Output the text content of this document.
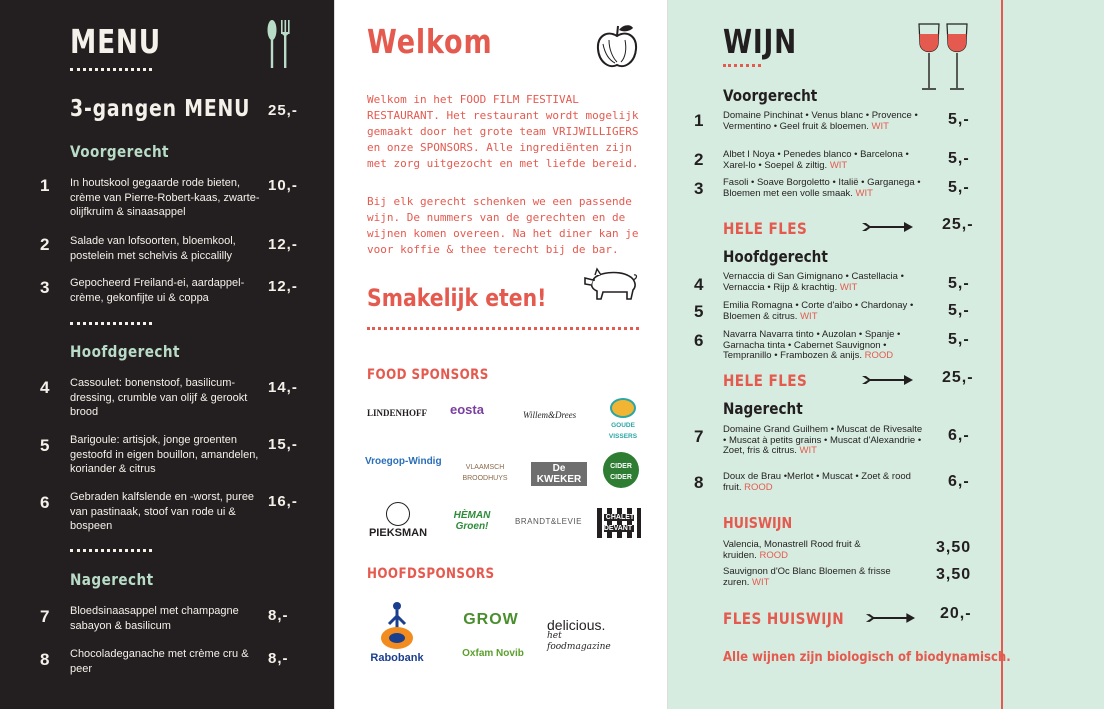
MENU
3-gangen MENU 25,-
Voorgerecht
1 In houtskool gegaarde rode bieten, crème van Pierre-Robert-kaas, zwarte-olijfkruim & sinaasappel
10,-
2 Salade van lofsoorten, bloemkool, postelein met schelvis & piccalilly
12,-
3 Gepocheerd Freiland-ei, aardappel-crème, gekonfijte ui & coppa
12,-
Hoofdgerecht
4 Cassoulet: bonenstoof, basilicum-dressing, crumble van olijf & gerookt brood
14,-
5 Barigoule: artisjok, jonge groenten gestoofd in eigen bouillon, amandelen, koriander & citrus
15,-
6 Gebraden kalfslende en -worst, puree van pastinaak, stoof van rode ui & bospeen
16,-
Nagerecht
7 Bloedsinaasappel met champagne sabayon & basilicum
8,-
8 Chocoladeganache met crème cru & peer
8,-
Welkom
Welkom in het FOOD FILM FESTIVAL RESTAURANT. Het restaurant wordt mogelijk gemaakt door het grote team VRIJWILLIGERS en onze SPONSORS. Alle ingrediënten zijn met zorg uitgezocht en met liefde bereid.
Bij elk gerecht schenken we een passende wijn. De nummers van de gerechten en de wijnen komen overeen. Na het diner kan je voor koffie & thee terecht bij de bar.
Smakelijk eten!
FOOD SPONSORS
LINDENHOFF	eosta	Willem&Drees
GOUDE VISSERS
Vroegop-Windig
VLAAMSCH BROODHUYS
De KWEKER
CIDER CIDER
PIEKSMAN
HÈMAN Groen!	BRANDT&LEVIE	CHALET DEVANT
HOOFDSPONSORS
Rabobank
GROW
Oxfam Novib
delicious.
het foodmagazine
WIJN
Voorgerecht
1 Domaine Pinchinat • Venus blanc • Provence • Vermentino • Geel fruit & bloemen. WIT	5,-
2 Albet I Noya • Penedes blanco • Barcelona • Xarel-lo • Soepel & ziltig. WIT	5,-
3 Fasoli • Soave Borgoletto • Italië • Garganega • Bloemen met een volle smaak. WIT	5,-
HELE FLES	25,-
Hoofdgerecht
4 Vernaccia di San Gimignano • Castellacia • Vernaccia • Rijp & krachtig. WIT	5,-
5 Emilia Romagna • Corte d'aibo • Chardonay • Bloemen & citrus. WIT	5,-
6 Navarra Navarra tinto • Auzolan • Spanje • Garnacha tinta • Cabernet Sauvignon • Tempranillo • Frambozen & anijs. ROOD
5,-
HELE FLES	25,-
Nagerecht
7 Domaine Grand Guilhem • Muscat de Rivesalte • Muscat à petits grains • Muscat d'Alexandrie • Zoet, fris & citrus. WIT
6,-
8 Doux de Brau •Merlot • Muscat • Zoet & rood fruit. ROOD	6,-
HUISWIJN
Valencia, Monastrell Rood fruit & kruiden. ROOD	3,50
Sauvignon d'Oc Blanc Bloemen & frisse zuren. WIT	3,50
FLES HUISWIJN	20,-
Alle wijnen zijn biologisch of biodynamisch.
